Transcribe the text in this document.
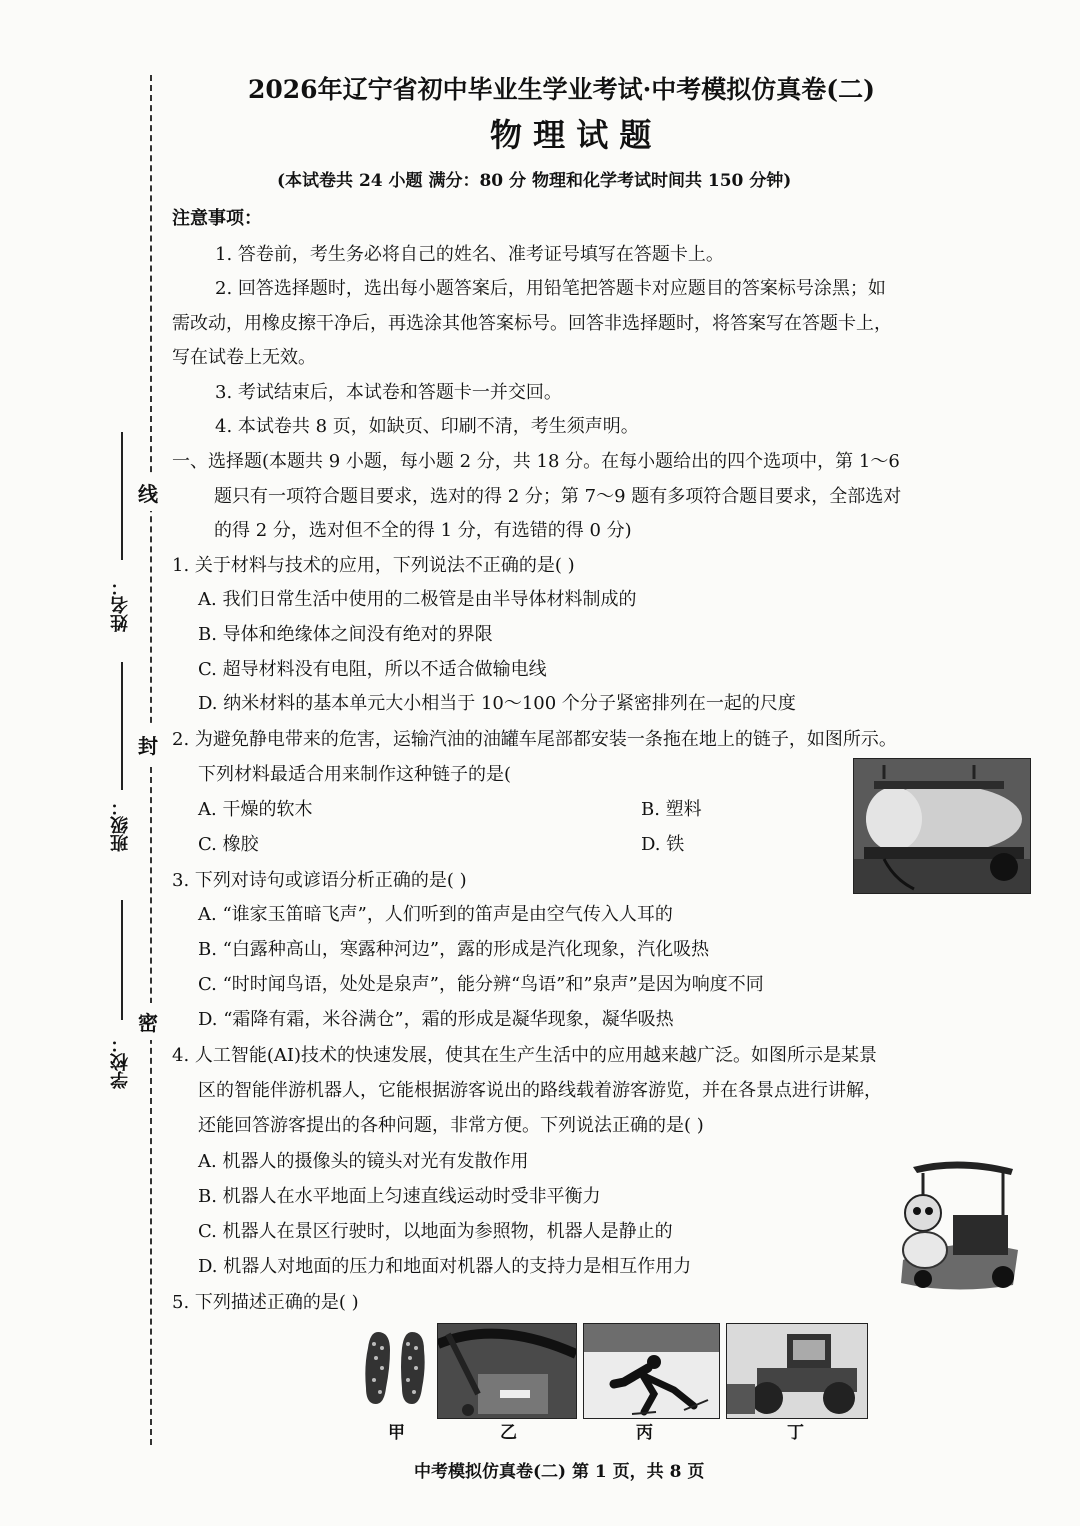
姓名：
班级：
学校：
线
封
密
2026年辽宁省初中毕业生学业考试·中考模拟仿真卷(二)
物 理 试 题
(本试卷共 24 小题 满分：80 分 物理和化学考试时间共 150 分钟)
注意事项：
1. 答卷前，考生务必将自己的姓名、准考证号填写在答题卡上。
2. 回答选择题时，选出每小题答案后，用铅笔把答题卡对应题目的答案标号涂黑；如
需改动，用橡皮擦干净后，再选涂其他答案标号。回答非选择题时，将答案写在答题卡上，
写在试卷上无效。
3. 考试结束后，本试卷和答题卡一并交回。
4. 本试卷共 8 页，如缺页、印刷不清，考生须声明。
一、选择题(本题共 9 小题，每小题 2 分，共 18 分。在每小题给出的四个选项中，第 1～6
题只有一项符合题目要求，选对的得 2 分；第 7～9 题有多项符合题目要求，全部选对
的得 2 分，选对但不全的得 1 分，有选错的得 0 分)
1. 关于材料与技术的应用，下列说法不正确的是( )
A. 我们日常生活中使用的二极管是由半导体材料制成的
B. 导体和绝缘体之间没有绝对的界限
C. 超导材料没有电阻，所以不适合做输电线
D. 纳米材料的基本单元大小相当于 10～100 个分子紧密排列在一起的尺度
2. 为避免静电带来的危害，运输汽油的油罐车尾部都安装一条拖在地上的链子，如图所示。
下列材料最适合用来制作这种链子的是(
A. 干燥的软木	B. 塑料
C. 橡胶	D. 铁
3. 下列对诗句或谚语分析正确的是( )
A. “谁家玉笛暗飞声”，人们听到的笛声是由空气传入人耳的
B. “白露种高山，寒露种河边”，露的形成是汽化现象，汽化吸热
C. “时时闻鸟语，处处是泉声”，能分辨“鸟语”和”泉声”是因为响度不同
D. “霜降有霜，米谷满仓”，霜的形成是凝华现象，凝华吸热
4. 人工智能(AI)技术的快速发展，使其在生产生活中的应用越来越广泛。如图所示是某景
区的智能伴游机器人，它能根据游客说出的路线载着游客游览，并在各景点进行讲解，
还能回答游客提出的各种问题，非常方便。下列说法正确的是( )
A. 机器人的摄像头的镜头对光有发散作用
B. 机器人在水平地面上匀速直线运动时受非平衡力
C. 机器人在景区行驶时，以地面为参照物，机器人是静止的
D. 机器人对地面的压力和地面对机器人的支持力是相互作用力
5. 下列描述正确的是( )
甲	乙	丙	丁
中考模拟仿真卷(二) 第 1 页，共 8 页
